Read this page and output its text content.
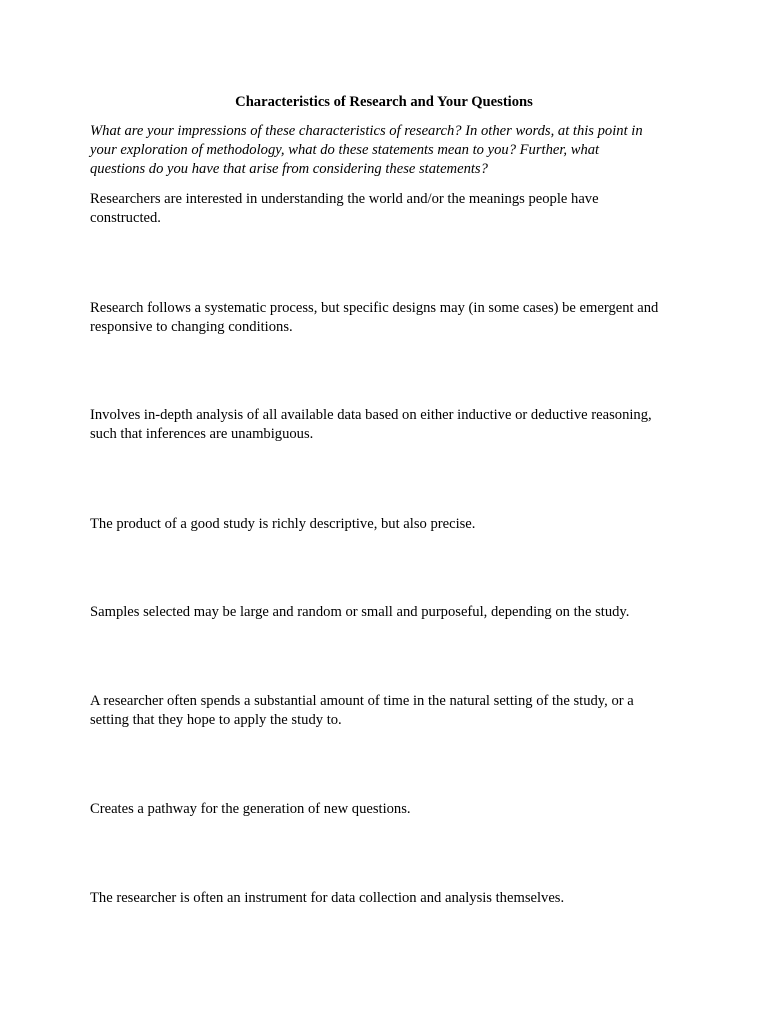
Characteristics of Research and Your Questions
What are your impressions of these characteristics of research? In other words, at this point in
your exploration of methodology, what do these statements mean to you? Further, what
questions do you have that arise from considering these statements?
Researchers are interested in understanding the world and/or the meanings people have
constructed.
Research follows a systematic process, but specific designs may (in some cases) be emergent and
responsive to changing conditions.
Involves in-depth analysis of all available data based on either inductive or deductive reasoning,
such that inferences are unambiguous.
The product of a good study is richly descriptive, but also precise.
Samples selected may be large and random or small and purposeful, depending on the study.
A researcher often spends a substantial amount of time in the natural setting of the study, or a
setting that they hope to apply the study to.
Creates a pathway for the generation of new questions.
The researcher is often an instrument for data collection and analysis themselves.
